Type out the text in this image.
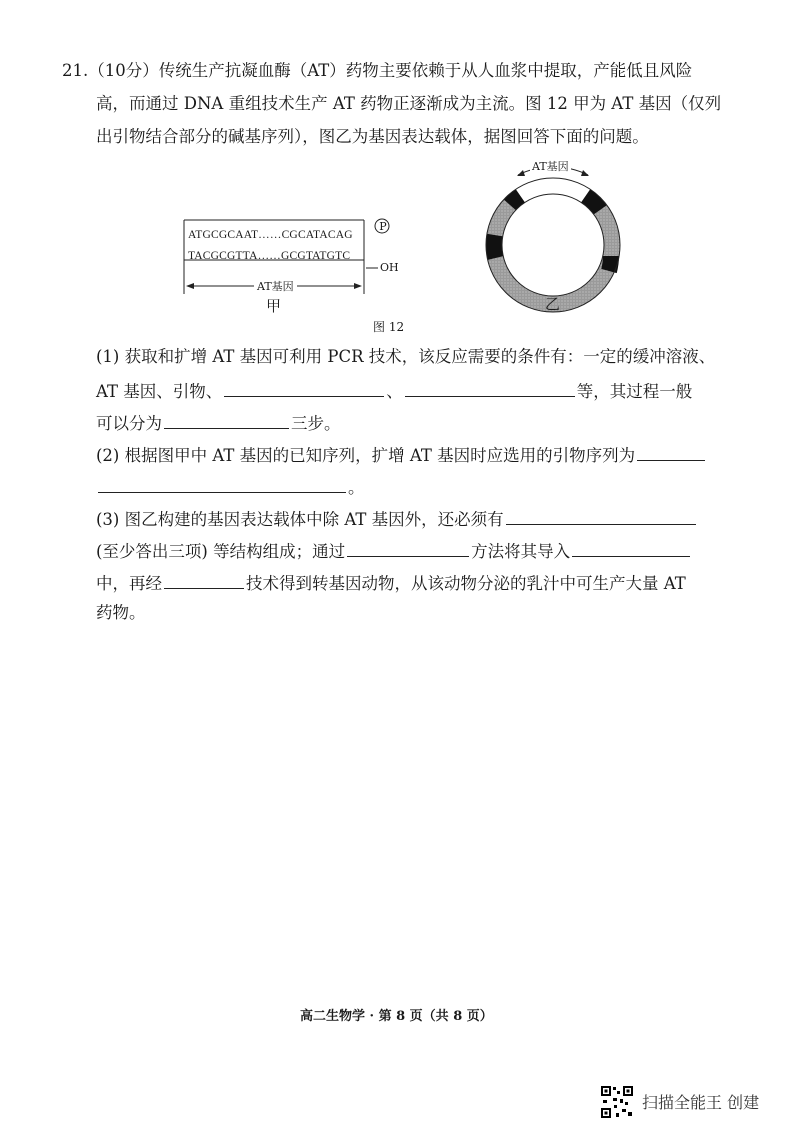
21.（10分）传统生产抗凝血酶（AT）药物主要依赖于从人血浆中提取，产能低且风险
高，而通过 DNA 重组技术生产 AT 药物正逐渐成为主流。图 12 甲为 AT 基因（仅列
出引物结合部分的碱基序列），图乙为基因表达载体，据图回答下面的问题。
ATGCGCAAT……CGCATACAG
TACGCGTTA……GCGTATGTC
P
OH
AT基因
甲
AT基因
乙
图 12
(1) 获取和扩增 AT 基因可利用 PCR 技术，该反应需要的条件有：一定的缓冲溶液、
AT 基因、引物、	、	等，其过程一般
可以分为	三步。
(2) 根据图甲中 AT 基因的已知序列，扩增 AT 基因时应选用的引物序列为
。
(3) 图乙构建的基因表达载体中除 AT 基因外，还必须有
(至少答出三项) 等结构组成；通过	方法将其导入
中，再经	技术得到转基因动物，从该动物分泌的乳汁中可生产大量 AT
药物。
高二生物学 · 第 8 页（共 8 页）
扫描全能王 创建
